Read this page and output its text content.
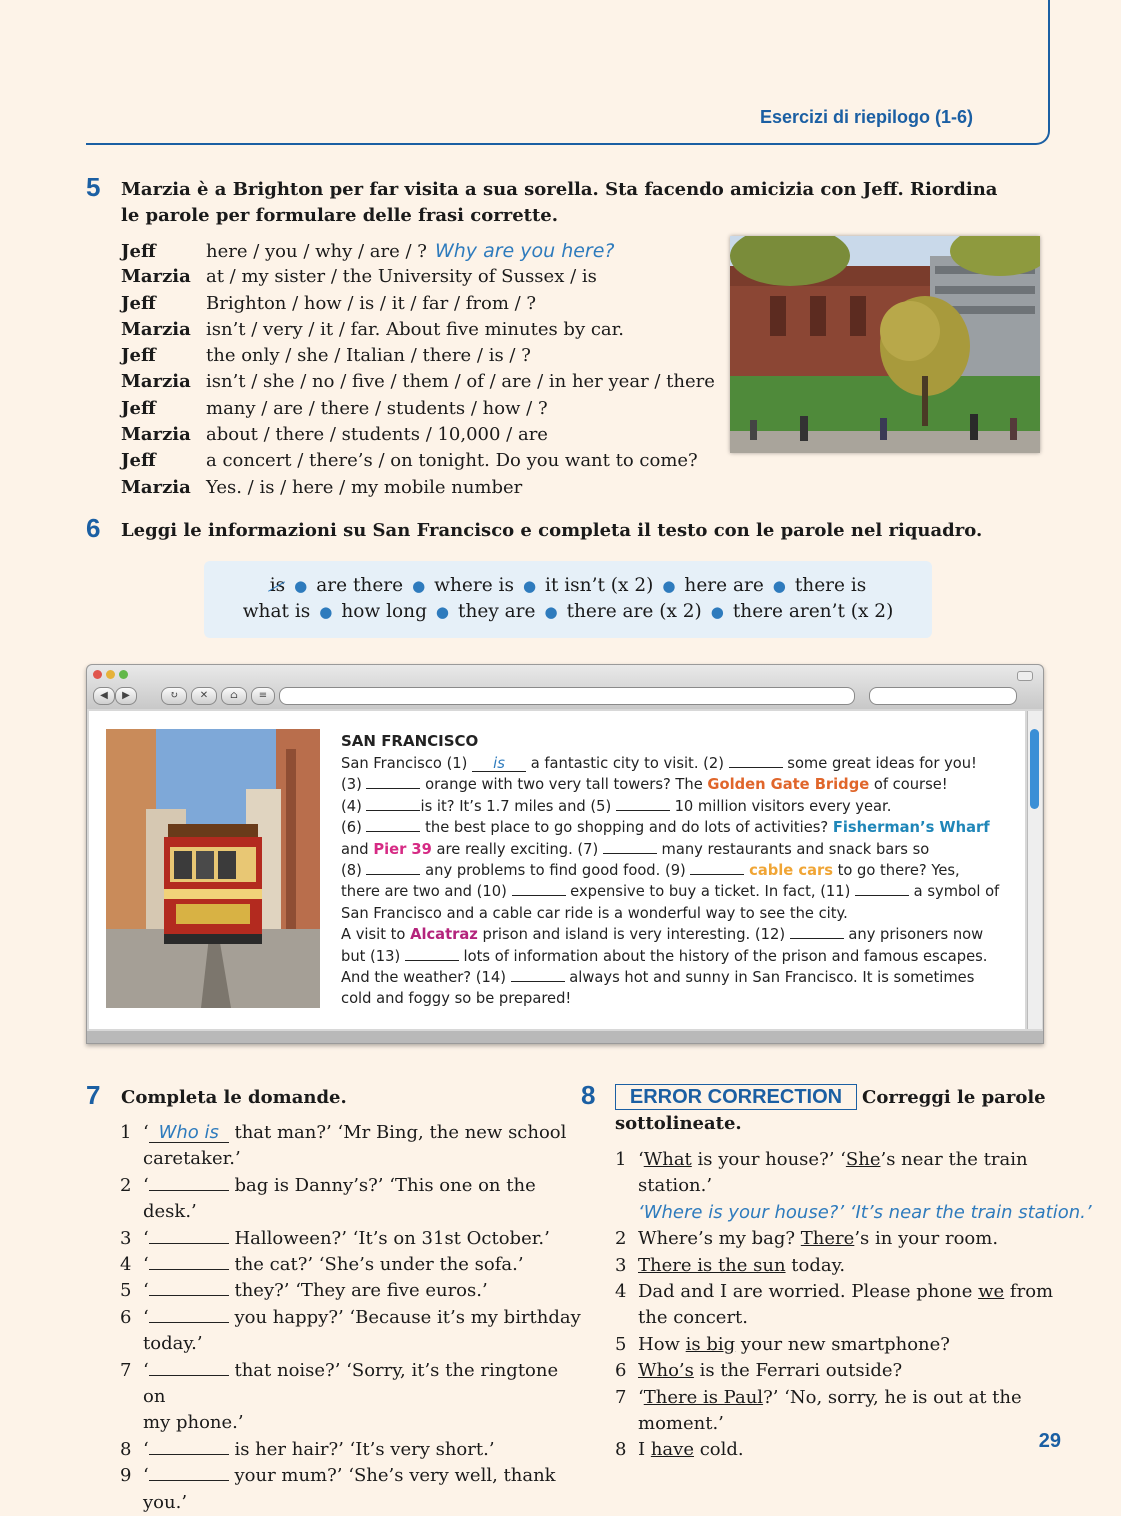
Esercizi di riepilogo (1-6)
5 Marzia è a Brighton per far visita a sua sorella. Sta facendo amicizia con Jeff. Riordina le parole per formulare delle frasi corrette.
Jeff	here / you / why / are / ? Why are you here?
Marzia at / my sister / the University of Sussex / is
Jeff	Brighton / how / is / it / far / from / ?
Marzia isn’t / very / it / far. About five minutes by car.
Jeff	the only / she / Italian / there / is / ?
Marzia isn’t / she / no / five / them / of / are / in her year / there
Jeff	many / are / there / students / how / ?
Marzia about / there / students / 10,000 / are
Jeff	a concert / there’s / on tonight. Do you want to come?
Marzia Yes. / is / here / my mobile number
6 Leggi le informazioni su San Francisco e completa il testo con le parole nel riquadro.
is ● are there ● where is ● it isn’t (x 2) ● here are ● there is
what is ● how long ● they are ● there are (x 2) ● there aren’t (x 2)
◀	▶	↻	✕	⌂	≡
SAN FRANCISCO
San Francisco (1) is a fantastic city to visit. (2)	some great ideas for you!
(3)	orange with two very tall towers? The Golden Gate Bridge of course!
(4)	is it? It’s 1.7 miles and (5)	10 million visitors every year.
(6)	the best place to go shopping and do lots of activities? Fisherman’s Wharf
and Pier 39 are really exciting. (7)	many restaurants and snack bars so
(8)	any problems to find good food. (9)	cable cars to go there? Yes,
there are two and (10)	expensive to buy a ticket. In fact, (11)	a symbol of
San Francisco and a cable car ride is a wonderful way to see the city.
A visit to Alcatraz prison and island is very interesting. (12)	any prisoners now
but (13)	lots of information about the history of the prison and famous escapes.
And the weather? (14)	always hot and sunny in San Francisco. It is sometimes
cold and foggy so be prepared!
7 Completa le domande.
1 ‘ Who is that man?’ ‘Mr Bing, the new school
caretaker.’
2 ‘	bag is Danny’s?’ ‘This one on the desk.’
3 ‘	Halloween?’ ‘It’s on 31st October.’
4 ‘	the cat?’ ‘She’s under the sofa.’
5 ‘	they?’ ‘They are five euros.’
6 ‘	you happy?’ ‘Because it’s my birthday
today.’
7 ‘	that noise?’ ‘Sorry, it’s the ringtone on
my phone.’
8 ‘	is her hair?’ ‘It’s very short.’
9 ‘	your mum?’ ‘She’s very well, thank you.’
8	ERROR CORRECTION	Correggi le parole
sottolineate.
1 ‘What is your house?’ ‘She’s near the train station.’
‘Where is your house?’ ‘It’s near the train station.’
2 Where’s my bag? There’s in your room.
3 There is the sun today.
4 Dad and I are worried. Please phone we from
the concert.
5 How is big your new smartphone?
6 Who’s is the Ferrari outside?
7 ‘There is Paul?’ ‘No, sorry, he is out at the
moment.’
8 I have cold.	29
